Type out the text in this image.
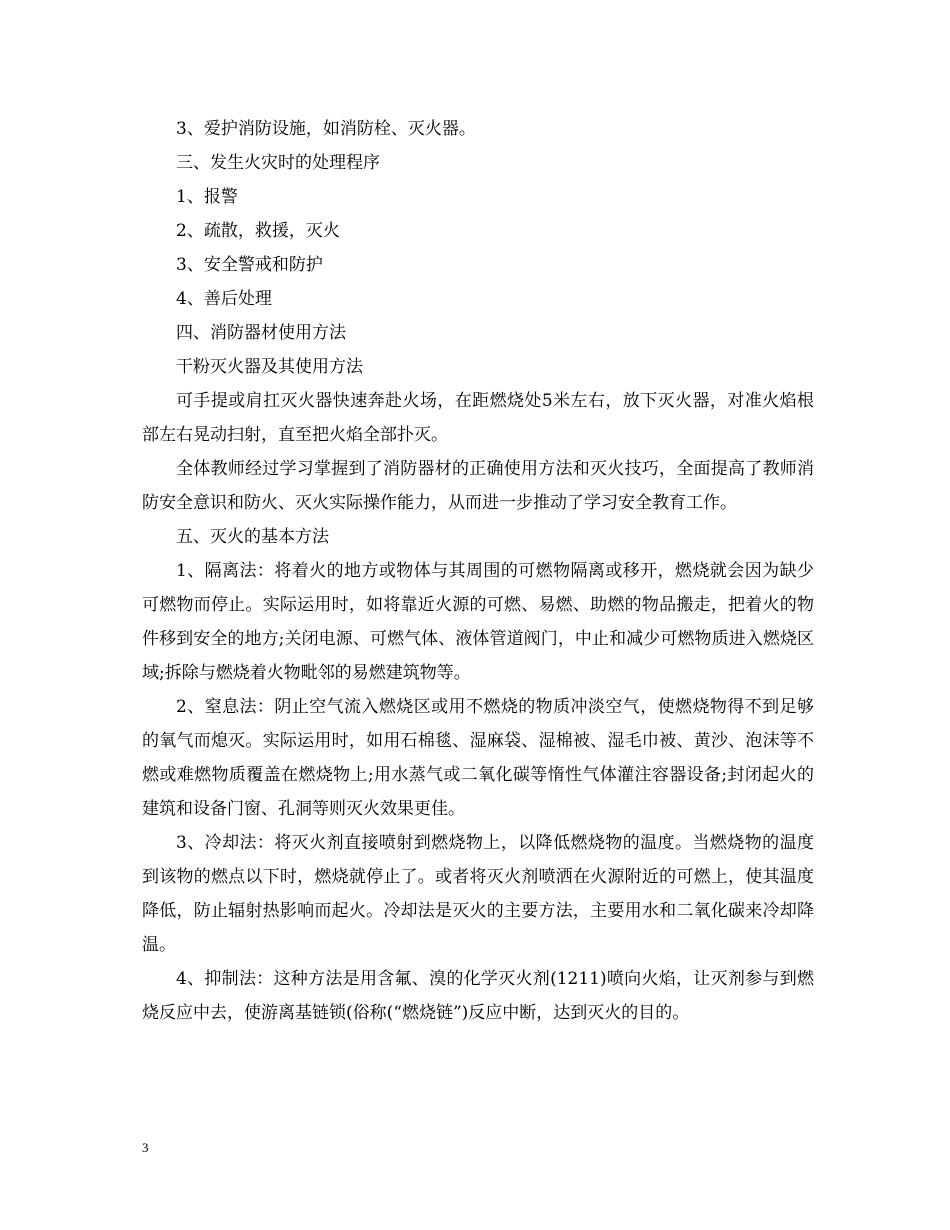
3、爱护消防设施，如消防栓、灭火器。

三、发生火灾时的处理程序

1、报警

2、疏散，救援，灭火

3、安全警戒和防护

4、善后处理

四、消防器材使用方法

干粉灭火器及其使用方法

可手提或肩扛灭火器快速奔赴火场，在距燃烧处5米左右，放下灭火器，对准火焰根部左右晃动扫射，直至把火焰全部扑灭。

全体教师经过学习掌握到了消防器材的正确使用方法和灭火技巧，全面提高了教师消防安全意识和防火、灭火实际操作能力，从而进一步推动了学习安全教育工作。

五、灭火的基本方法

1、隔离法：将着火的地方或物体与其周围的可燃物隔离或移开，燃烧就会因为缺少可燃物而停止。实际运用时，如将靠近火源的可燃、易燃、助燃的物品搬走，把着火的物件移到安全的地方;关闭电源、可燃气体、液体管道阀门，中止和减少可燃物质进入燃烧区域;拆除与燃烧着火物毗邻的易燃建筑物等。

2、窒息法：阴止空气流入燃烧区或用不燃烧的物质冲淡空气，使燃烧物得不到足够的氧气而熄灭。实际运用时，如用石棉毯、湿麻袋、湿棉被、湿毛巾被、黄沙、泡沫等不燃或难燃物质覆盖在燃烧物上;用水蒸气或二氧化碳等惰性气体灌注容器设备;封闭起火的建筑和设备门窗、孔洞等则灭火效果更佳。

3、冷却法：将灭火剂直接喷射到燃烧物上，以降低燃烧物的温度。当燃烧物的温度到该物的燃点以下时，燃烧就停止了。或者将灭火剂喷洒在火源附近的可燃上，使其温度降低，防止辐射热影响而起火。冷却法是灭火的主要方法，主要用水和二氧化碳来冷却降温。

4、抑制法：这种方法是用含氟、溴的化学灭火剂(1211)喷向火焰，让灭剂参与到燃烧反应中去，使游离基链锁(俗称(“燃烧链”)反应中断，达到灭火的目的。

3
